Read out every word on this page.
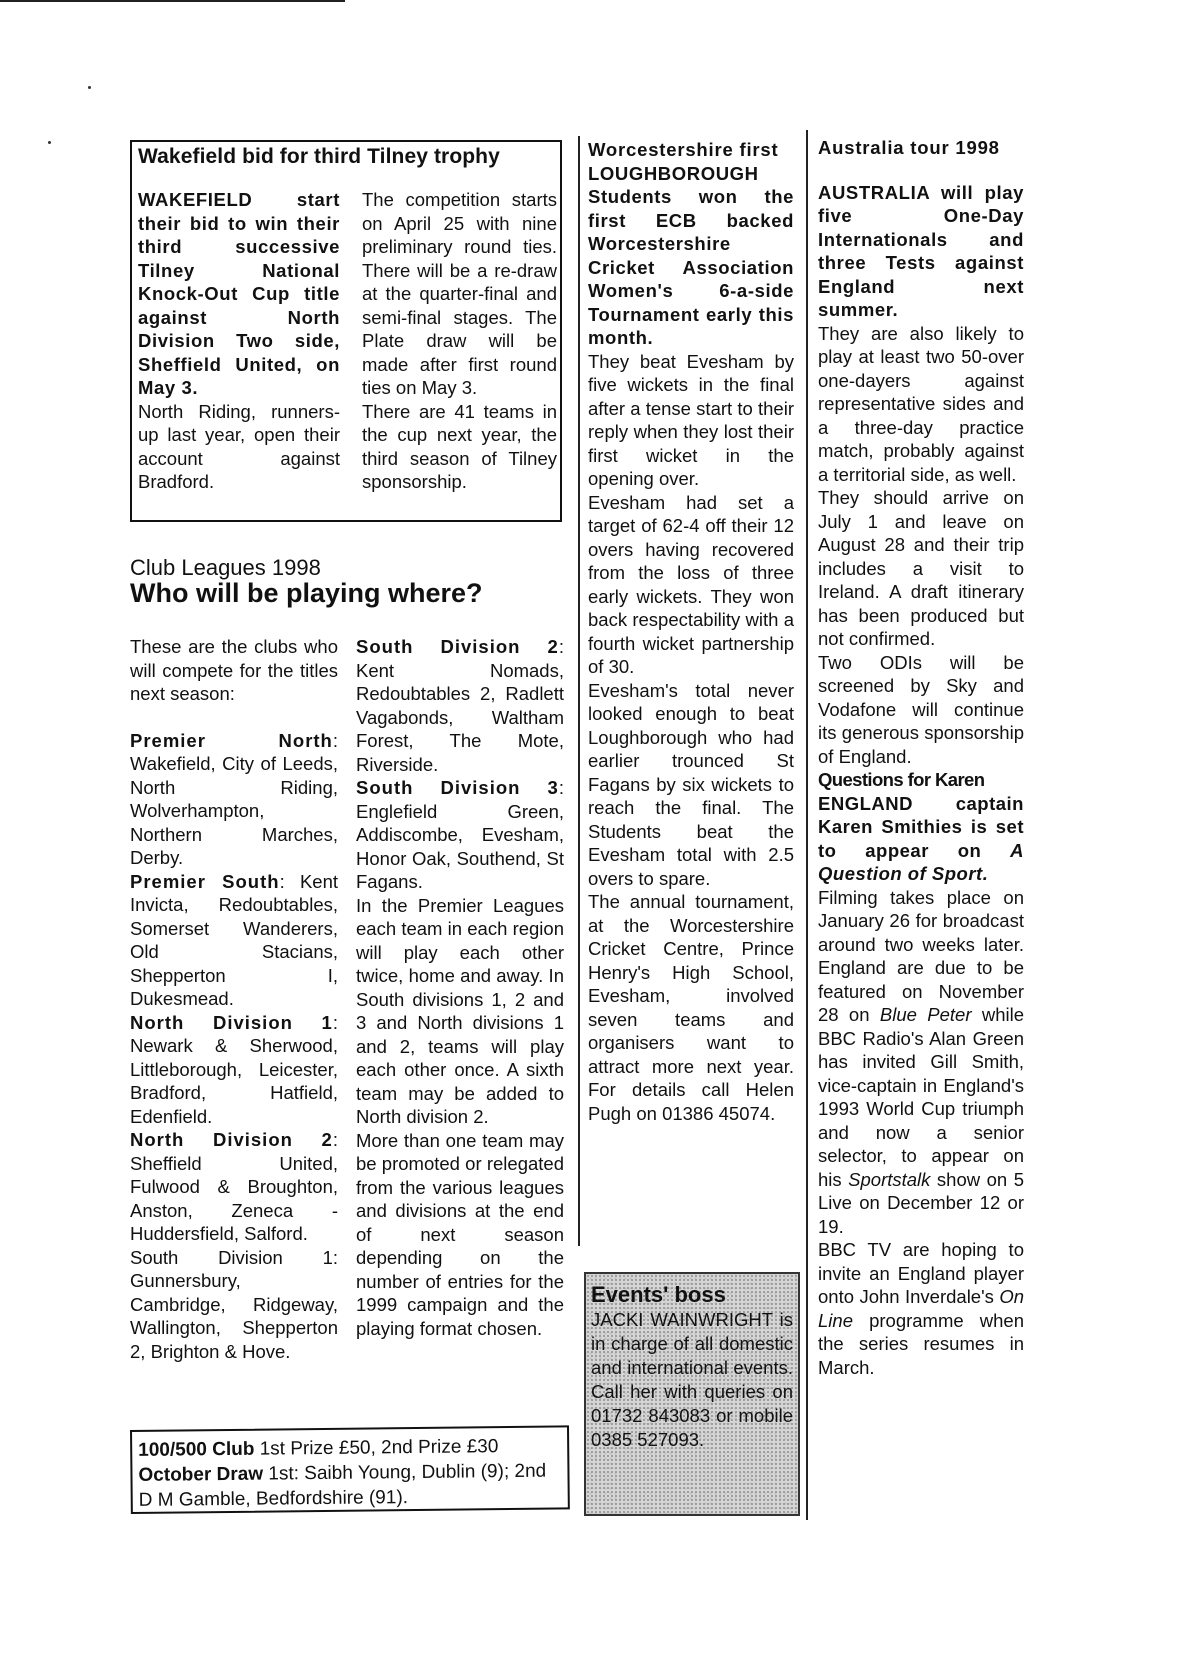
Wakefield bid for third Tilney trophy

WAKEFIELD start their bid to win their third successive Tilney National Knock-Out Cup title against North Division Two side, Sheffield United, on May 3.

North Riding, runners-up last year, open their account against Bradford.

The competition starts on April 25 with nine preliminary round ties. There will be a re-draw at the quarter-final and semi-final stages. The Plate draw will be made after first round ties on May 3.

There are 41 teams in the cup next year, the third season of Tilney sponsorship.

Club Leagues 1998
Who will be playing where?

These are the clubs who will compete for the titles next season:

Premier North: Wakefield, City of Leeds, North Riding, Wolverhampton, Northern Marches, Derby.

Premier South: Kent Invicta, Redoubtables, Somerset Wanderers, Old Stacians, Shepperton I, Dukesmead.

North Division 1: Newark & Sherwood, Littleborough, Leicester, Bradford, Hatfield, Edenfield.

North Division 2: Sheffield United, Fulwood & Broughton, Anston, Zeneca - Huddersfield, Salford.

South Division 1: Gunnersbury, Cambridge, Ridgeway, Wallington, Shepperton 2, Brighton & Hove.

South Division 2: Kent Nomads, Redoubtables 2, Radlett Vagabonds, Waltham Forest, The Mote, Riverside.

South Division 3: Englefield Green, Addiscombe, Evesham, Honor Oak, Southend, St Fagans.

In the Premier Leagues each team in each region will play each other twice, home and away. In South divisions 1, 2 and 3 and North divisions 1 and 2, teams will play each other once. A sixth team may be added to North division 2.

More than one team may be promoted or relegated from the various leagues and divisions at the end of next season depending on the number of entries for the 1999 campaign and the playing format chosen.

100/500 Club 1st Prize £50, 2nd Prize £30
October Draw 1st: Saibh Young, Dublin (9); 2nd D M Gamble, Bedfordshire (91).

Worcestershire first

LOUGHBOROUGH Students won the first ECB backed Worcestershire Cricket Association Women's 6-a-side Tournament early this month.

They beat Evesham by five wickets in the final after a tense start to their reply when they lost their first wicket in the opening over.

Evesham had set a target of 62-4 off their 12 overs having recovered from the loss of three early wickets. They won back respectability with a fourth wicket partnership of 30.

Evesham's total never looked enough to beat Loughborough who had earlier trounced St Fagans by six wickets to reach the final. The Students beat the Evesham total with 2.5 overs to spare.

The annual tournament, at the Worcestershire Cricket Centre, Prince Henry's High School, Evesham, involved seven teams and organisers want to attract more next year. For details call Helen Pugh on 01386 45074.

Events' boss
JACKI WAINWRIGHT is in charge of all domestic and international events. Call her with queries on 01732 843083 or mobile 0385 527093.

Australia tour 1998

AUSTRALIA will play five One-Day Internationals and three Tests against England next summer.

They are also likely to play at least two 50-over one-dayers against representative sides and a three-day practice match, probably against a territorial side, as well.

They should arrive on July 1 and leave on August 28 and their trip includes a visit to Ireland. A draft itinerary has been produced but not confirmed.

Two ODIs will be screened by Sky and Vodafone will continue its generous sponsorship of England.

Questions for Karen

ENGLAND captain Karen Smithies is set to appear on A Question of Sport.

Filming takes place on January 26 for broadcast around two weeks later. England are due to be featured on November 28 on Blue Peter while BBC Radio's Alan Green has invited Gill Smith, vice-captain in England's 1993 World Cup triumph and now a senior selector, to appear on his Sportstalk show on 5 Live on December 12 or 19.

BBC TV are hoping to invite an England player onto John Inverdale's On Line programme when the series resumes in March.
